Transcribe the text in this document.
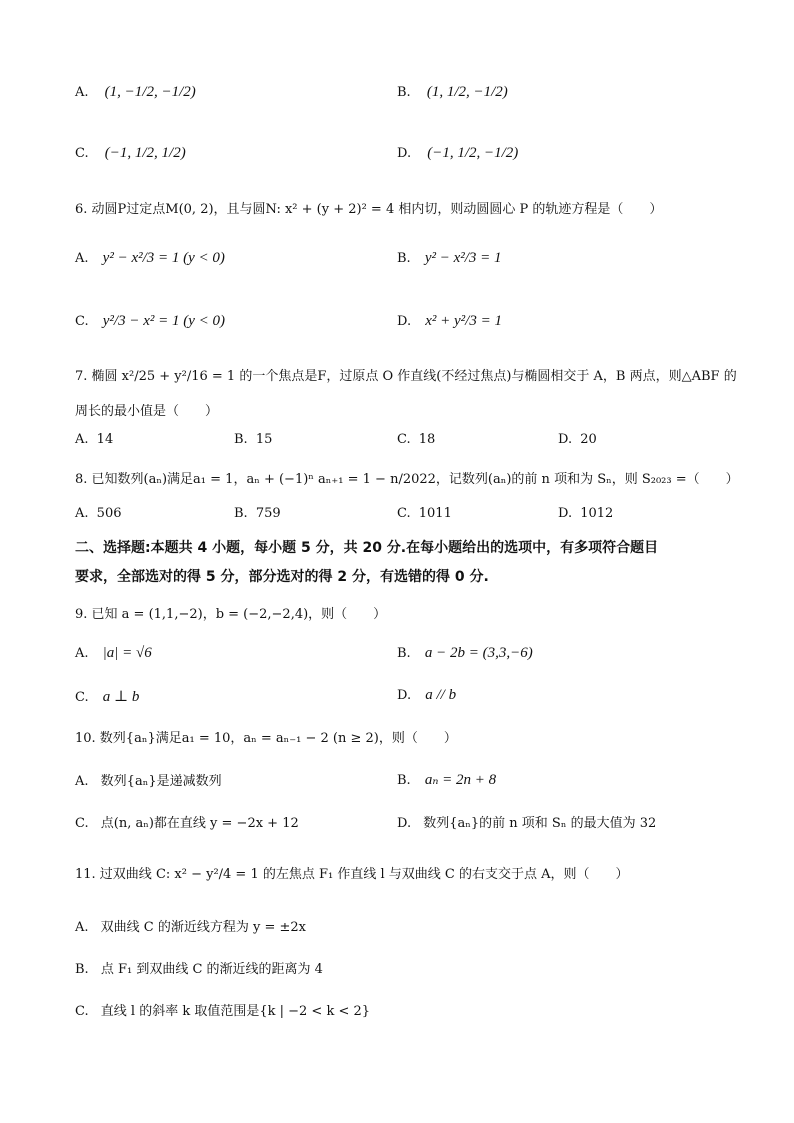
A. (1, −1/2, −1/2)	B. (1, 1/2, −1/2)
C. (−1, 1/2, 1/2)	D. (−1, 1/2, −1/2)
6. 动圆P过定点M(0, 2)，且与圆N: x² + (y + 2)² = 4 相内切，则动圆圆心 P 的轨迹方程是（　　）
A. y² − x²/3 = 1 (y < 0)	B. y² − x²/3 = 1
C. y²/3 − x² = 1 (y < 0)	D. x² + y²/3 = 1
7. 椭圆 x²/25 + y²/16 = 1 的一个焦点是F，过原点 O 作直线(不经过焦点)与椭圆相交于 A，B 两点，则△ABF 的
周长的最小值是（　　）
A. 14	B. 15	C. 18	D. 20
8. 已知数列(aₙ)满足a₁ = 1，aₙ + (−1)ⁿ aₙ₊₁ = 1 − n/2022，记数列(aₙ)的前 n 项和为 Sₙ，则 S₂₀₂₃ =（　　）
A. 506	B. 759	C. 1011	D. 1012
二、选择题:本题共 4 小题，每小题 5 分，共 20 分.在每小题给出的选项中，有多项符合题目
要求，全部选对的得 5 分，部分选对的得 2 分，有选错的得 0 分.
9. 已知 a = (1,1,−2)，b = (−2,−2,4)，则（　　）
A. |a| = √6	B. a − 2b = (3,3,−6)
C. a ⊥ b	D. a // b
10. 数列{aₙ}满足a₁ = 10，aₙ = aₙ₋₁ − 2 (n ≥ 2)，则（　　）
A. 数列{aₙ}是递减数列	B. aₙ = 2n + 8
C. 点(n, aₙ)都在直线 y = −2x + 12	D. 数列{aₙ}的前 n 项和 Sₙ 的最大值为 32
11. 过双曲线 C: x² − y²/4 = 1 的左焦点 F₁ 作直线 l 与双曲线 C 的右支交于点 A，则（　　）
A. 双曲线 C 的渐近线方程为 y = ±2x
B. 点 F₁ 到双曲线 C 的渐近线的距离为 4
C. 直线 l 的斜率 k 取值范围是{k | −2 < k < 2}
